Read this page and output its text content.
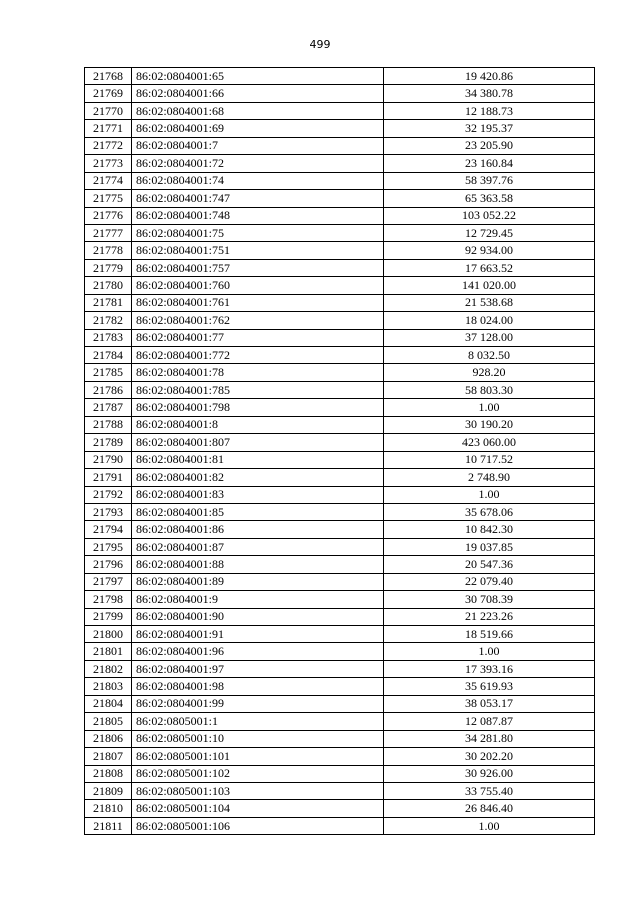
499
21768	86:02:0804001:65	19 420.86
21769	86:02:0804001:66	34 380.78
21770	86:02:0804001:68	12 188.73
21771	86:02:0804001:69	32 195.37
21772	86:02:0804001:7	23 205.90
21773	86:02:0804001:72	23 160.84
21774	86:02:0804001:74	58 397.76
21775	86:02:0804001:747	65 363.58
21776	86:02:0804001:748	103 052.22
21777	86:02:0804001:75	12 729.45
21778	86:02:0804001:751	92 934.00
21779	86:02:0804001:757	17 663.52
21780	86:02:0804001:760	141 020.00
21781	86:02:0804001:761	21 538.68
21782	86:02:0804001:762	18 024.00
21783	86:02:0804001:77	37 128.00
21784	86:02:0804001:772	8 032.50
21785	86:02:0804001:78	928.20
21786	86:02:0804001:785	58 803.30
21787	86:02:0804001:798	1.00
21788	86:02:0804001:8	30 190.20
21789	86:02:0804001:807	423 060.00
21790	86:02:0804001:81	10 717.52
21791	86:02:0804001:82	2 748.90
21792	86:02:0804001:83	1.00
21793	86:02:0804001:85	35 678.06
21794	86:02:0804001:86	10 842.30
21795	86:02:0804001:87	19 037.85
21796	86:02:0804001:88	20 547.36
21797	86:02:0804001:89	22 079.40
21798	86:02:0804001:9	30 708.39
21799	86:02:0804001:90	21 223.26
21800	86:02:0804001:91	18 519.66
21801	86:02:0804001:96	1.00
21802	86:02:0804001:97	17 393.16
21803	86:02:0804001:98	35 619.93
21804	86:02:0804001:99	38 053.17
21805	86:02:0805001:1	12 087.87
21806	86:02:0805001:10	34 281.80
21807	86:02:0805001:101	30 202.20
21808	86:02:0805001:102	30 926.00
21809	86:02:0805001:103	33 755.40
21810	86:02:0805001:104	26 846.40
21811	86:02:0805001:106	1.00
